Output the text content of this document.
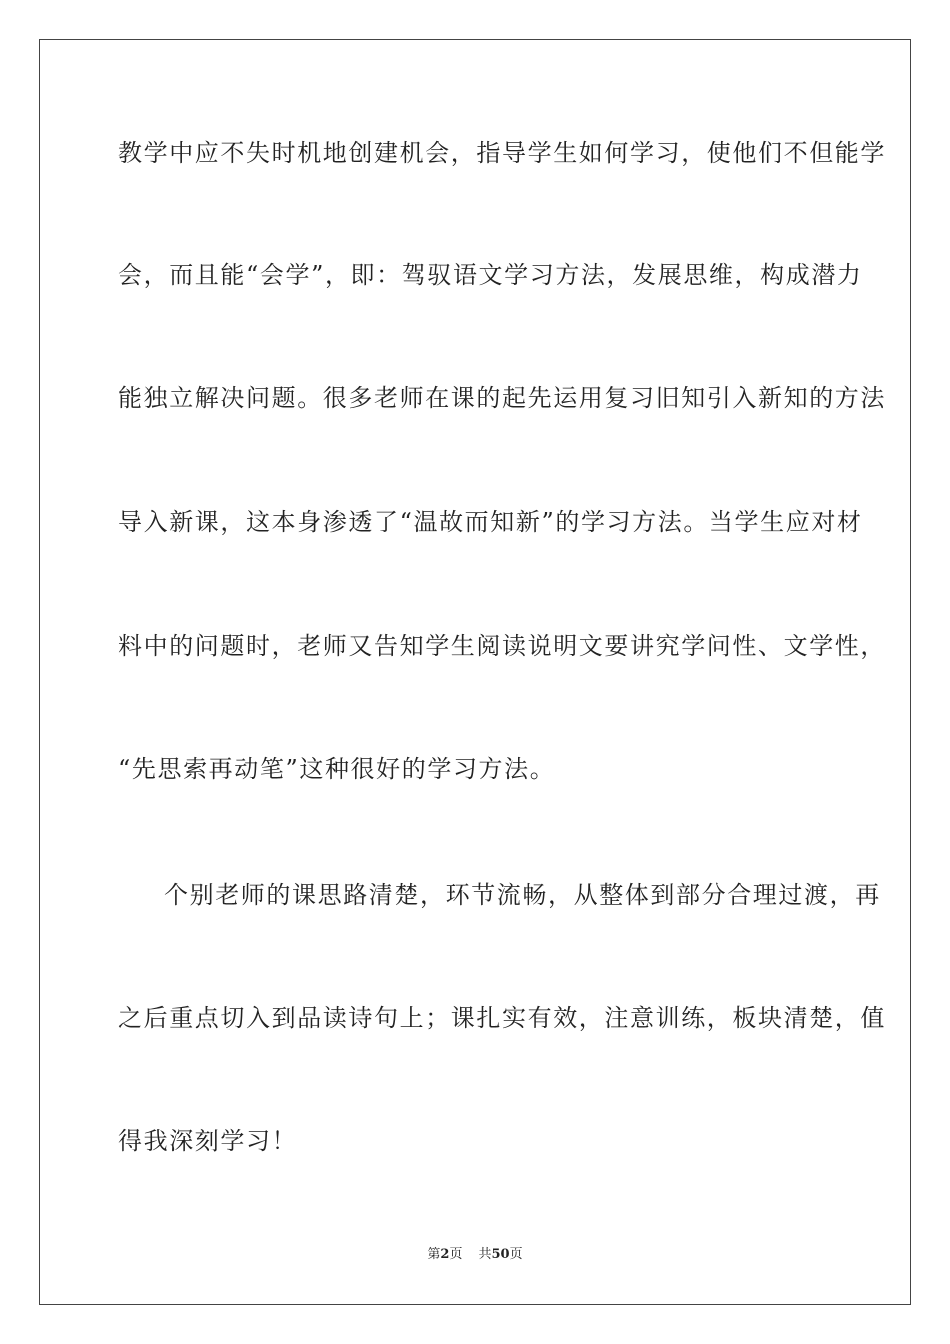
教学中应不失时机地创建机会，指导学生如何学习，使他们不但能学
会，而且能“会学”，即：驾驭语文学习方法，发展思维，构成潜力
能独立解决问题。很多老师在课的起先运用复习旧知引入新知的方法
导入新课，这本身渗透了“温故而知新”的学习方法。当学生应对材
料中的问题时，老师又告知学生阅读说明文要讲究学问性、文学性，
“先思索再动笔”这种很好的学习方法。
个别老师的课思路清楚，环节流畅，从整体到部分合理过渡，再
之后重点切入到品读诗句上；课扎实有效，注意训练，板块清楚，值
得我深刻学习！
第2页 共50页
